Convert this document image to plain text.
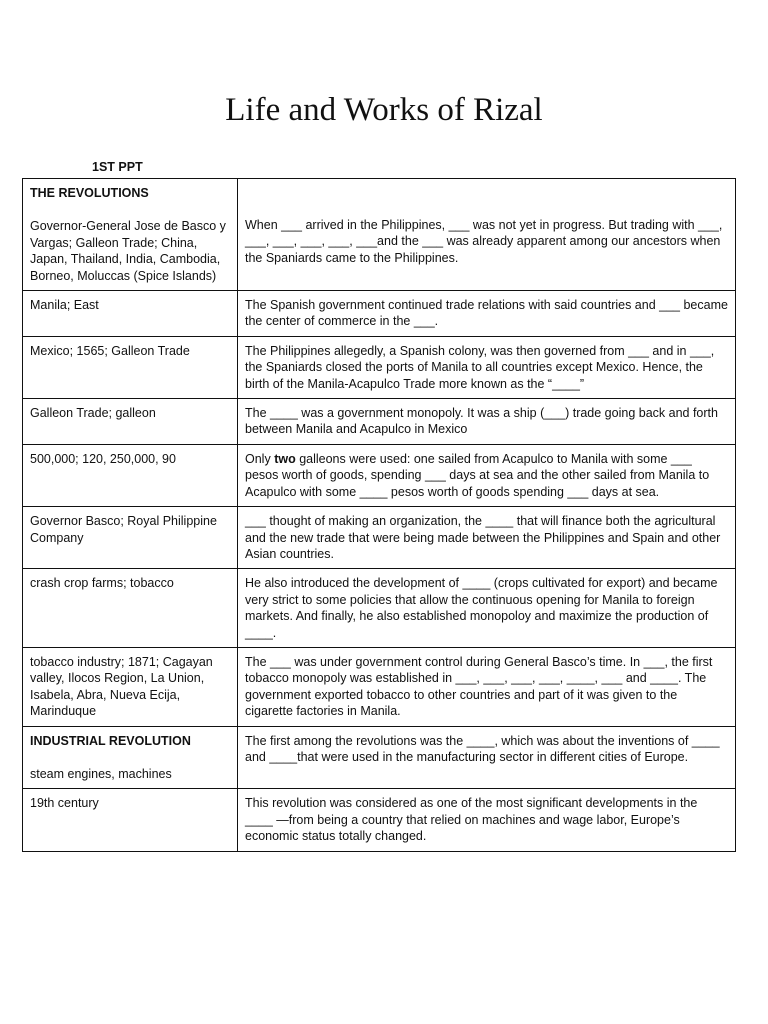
Life and Works of Rizal
1ST PPT
THE REVOLUTIONS
Governor-General Jose de Basco y Vargas; Galleon Trade; China, Japan, Thailand, India, Cambodia, Borneo, Moluccas (Spice Islands)	When ___ arrived in the Philippines, ___ was not yet in progress. But trading with ___, ___, ___, ___, ___, ___and the ___ was already apparent among our ancestors when the Spaniards came to the Philippines.
Manila; East	The Spanish government continued trade relations with said countries and ___ became the center of commerce in the ___.
Mexico; 1565; Galleon Trade	The Philippines allegedly, a Spanish colony, was then governed from ___ and in ___, the Spaniards closed the ports of Manila to all countries except Mexico. Hence, the birth of the Manila-Acapulco Trade more known as the “____”
Galleon Trade; galleon	The ____ was a government monopoly. It was a ship (___) trade going back and forth between Manila and Acapulco in Mexico
500,000; 120, 250,000, 90	Only two galleons were used: one sailed from Acapulco to Manila with some ___ pesos worth of goods, spending ___ days at sea and the other sailed from Manila to Acapulco with some ____ pesos worth of goods spending ___ days at sea.
Governor Basco; Royal Philippine Company	___ thought of making an organization, the ____ that will finance both the agricultural and the new trade that were being made between the Philippines and Spain and other Asian countries.
crash crop farms; tobacco	He also introduced the development of ____ (crops cultivated for export) and became very strict to some policies that allow the continuous opening for Manila to foreign markets. And finally, he also established monopoloy and maximize the production of ____.
tobacco industry; 1871; Cagayan valley, Ilocos Region, La Union, Isabela, Abra, Nueva Ecija, Marinduque	The ___ was under government control during General Basco’s time. In ___, the first tobacco monopoly was established in ___, ___, ___, ___, ____, ___ and ____. The government exported tobacco to other countries and part of it was given to the cigarette factories in Manila.

INDUSTRIAL REVOLUTION
steam engines, machines	The first among the revolutions was the ____, which was about the inventions of ____ and ____that were used in the manufacturing sector in different cities of Europe.
19th century	This revolution was considered as one of the most significant developments in the ____ —from being a country that relied on machines and wage labor, Europe’s economic status totally changed.
